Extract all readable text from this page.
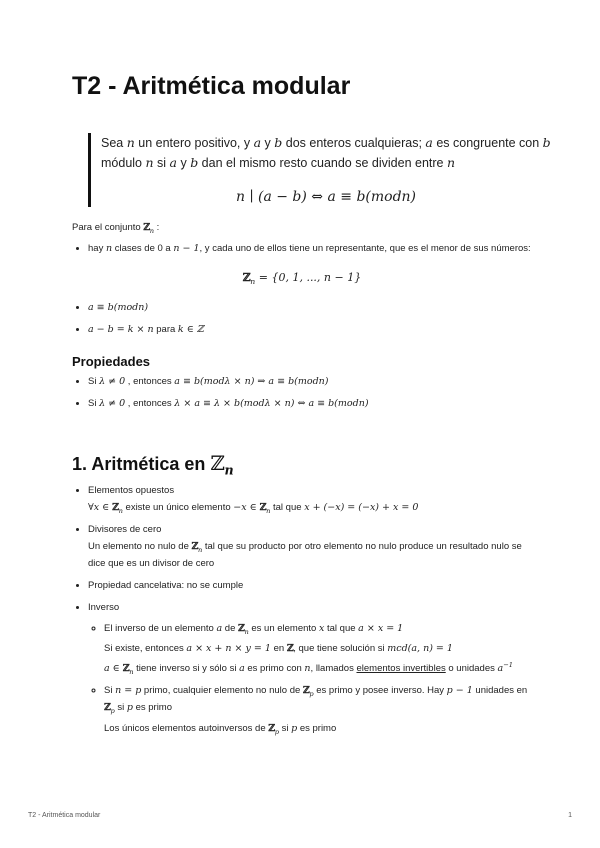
T2 - Aritmética modular

Sea n un entero positivo, y a y b dos enteros cualquieras; a es congruente con b
módulo n si a y b dan el mismo resto cuando se dividen entre n

n ∣ (a − b) ⇔ a ≡ b(modn)
Para el conjunto ℤ$_n$ :
• hay n clases de 0 a n − 1, y cada uno de ellos tiene un representante, que es el menor de sus números:
ℤ$_n$ = {0, 1, ..., n − 1}
• a ≡ b(modn)
• a − b = k × n para k ∈ ℤ
Propiedades
• Si λ ≠ 0 , entonces a ≡ b(modλ × n) ⇒ a ≡ b(modn)
• Si λ ≠ 0 , entonces λ × a ≡ λ × b(modλ × n) ⇔ a ≡ b(modn)
1. Aritmética en ℤ$_n$
• Elementos opuestos
∀x ∈ ℤ$_n$ existe un único elemento −x ∈ ℤ$_n$ tal que x + (−x) = (−x) + x = 0
• Divisores de cero
Un elemento no nulo de ℤ$_n$ tal que su producto por otro elemento no nulo produce un resultado nulo se dice que es un divisor de cero
• Propiedad cancelativa: no se cumple
• Inverso
◦ El inverso de un elemento a de ℤ$_n$ es un elemento x tal que a × x = 1
Si existe, entonces a × x + n × y = 1 en ℤ, que tiene solución si mcd(a, n) = 1
a ∈ ℤ$_n$ tiene inverso si y sólo si a es primo con n, llamados elementos invertibles o unidades $a^{-1}$
◦ Si n = p primo, cualquier elemento no nulo de ℤ$_p$ es primo y posee inverso. Hay p − 1 unidades en ℤ$_p$ si p es primo
Los únicos elementos autoinversos de ℤ$_p$ si p es primo
T2 - Aritmética modular	1
